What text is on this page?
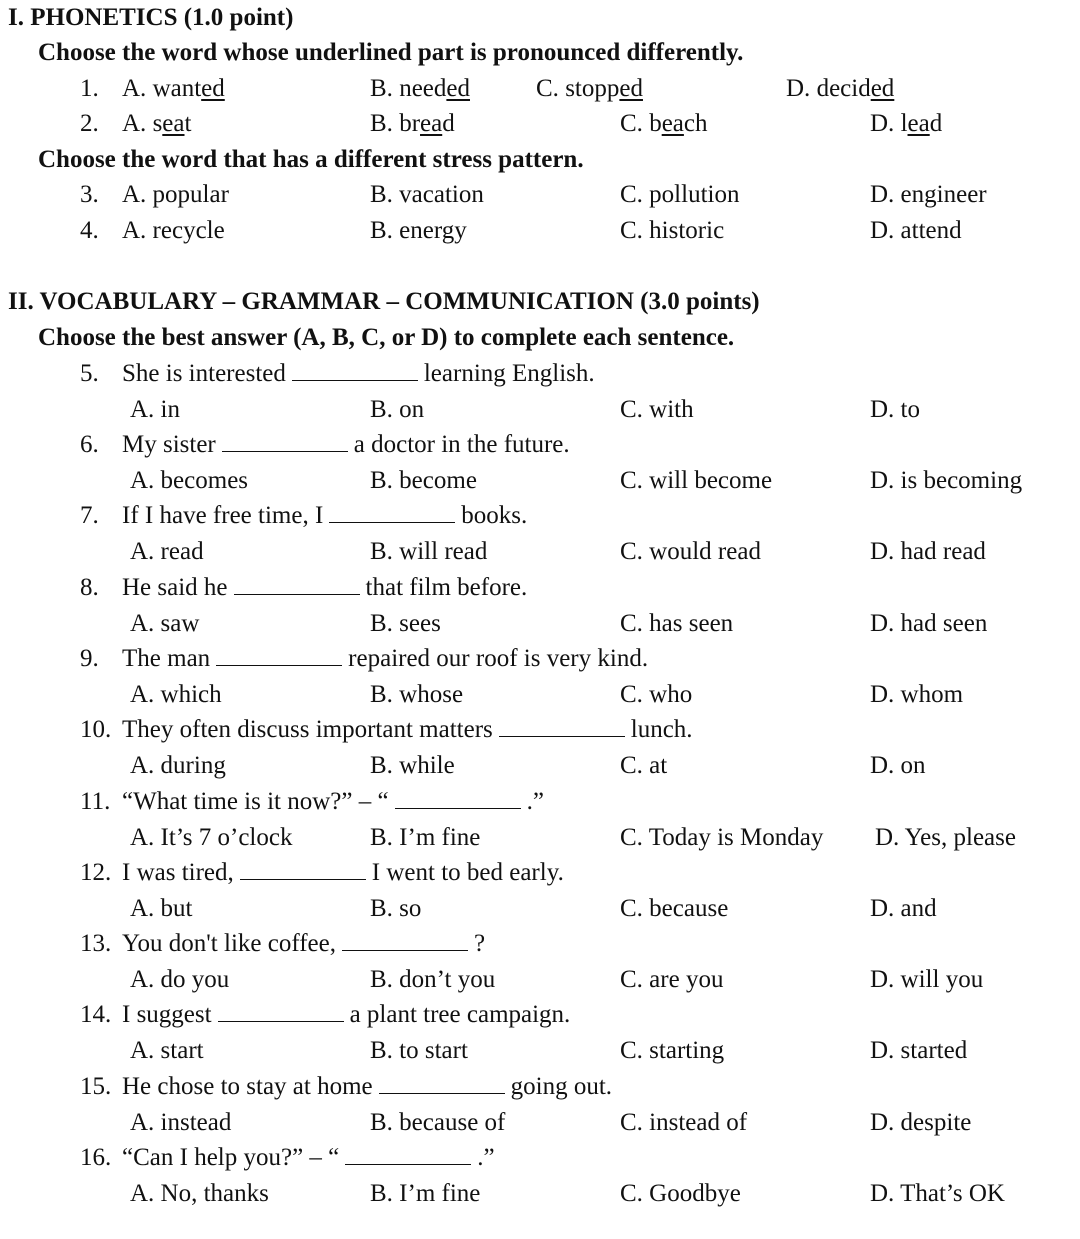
I. PHONETICS (1.0 point)
Choose the word whose underlined part is pronounced differently.
Choose the word that has a different stress pattern.
II. VOCABULARY – GRAMMAR – COMMUNICATION (3.0 points)
Choose the best answer (A, B, C, or D) to complete each sentence.
1. A. wanted	B. needed	C. stopped	D. decided
2. A. seat	B. bread	C. beach	D. lead
3. A. popular	B. vacation	C. pollution	D. engineer
4. A. recycle	B. energy	C. historic	D. attend
5. She is interested	learning English.
A. in	B. on	C. with	D. to
6. My sister	a doctor in the future.
A. becomes	B. become	C. will become	D. is becoming
7. If I have free time, I	books.
A. read	B. will read	C. would read	D. had read
8. He said he	that film before.
A. saw	B. sees	C. has seen	D. had seen
9. The man	repaired our roof is very kind.
A. which	B. whose	C. who	D. whom
10. They often discuss important matters	lunch.
A. during	B. while	C. at	D. on
11. “What time is it now?” – “	.”
A. It’s 7 o’clock	B. I’m fine	C. Today is Monday D. Yes, please
12. I was tired,	I went to bed early.
A. but	B. so	C. because	D. and
13. You don't like coffee,	?
A. do you	B. don’t you	C. are you	D. will you
14. I suggest	a plant tree campaign.
A. start	B. to start	C. starting	D. started
15. He chose to stay at home	going out.
A. instead	B. because of	C. instead of	D. despite
16. “Can I help you?” – “	.”
A. No, thanks	B. I’m fine	C. Goodbye	D. That’s OK
